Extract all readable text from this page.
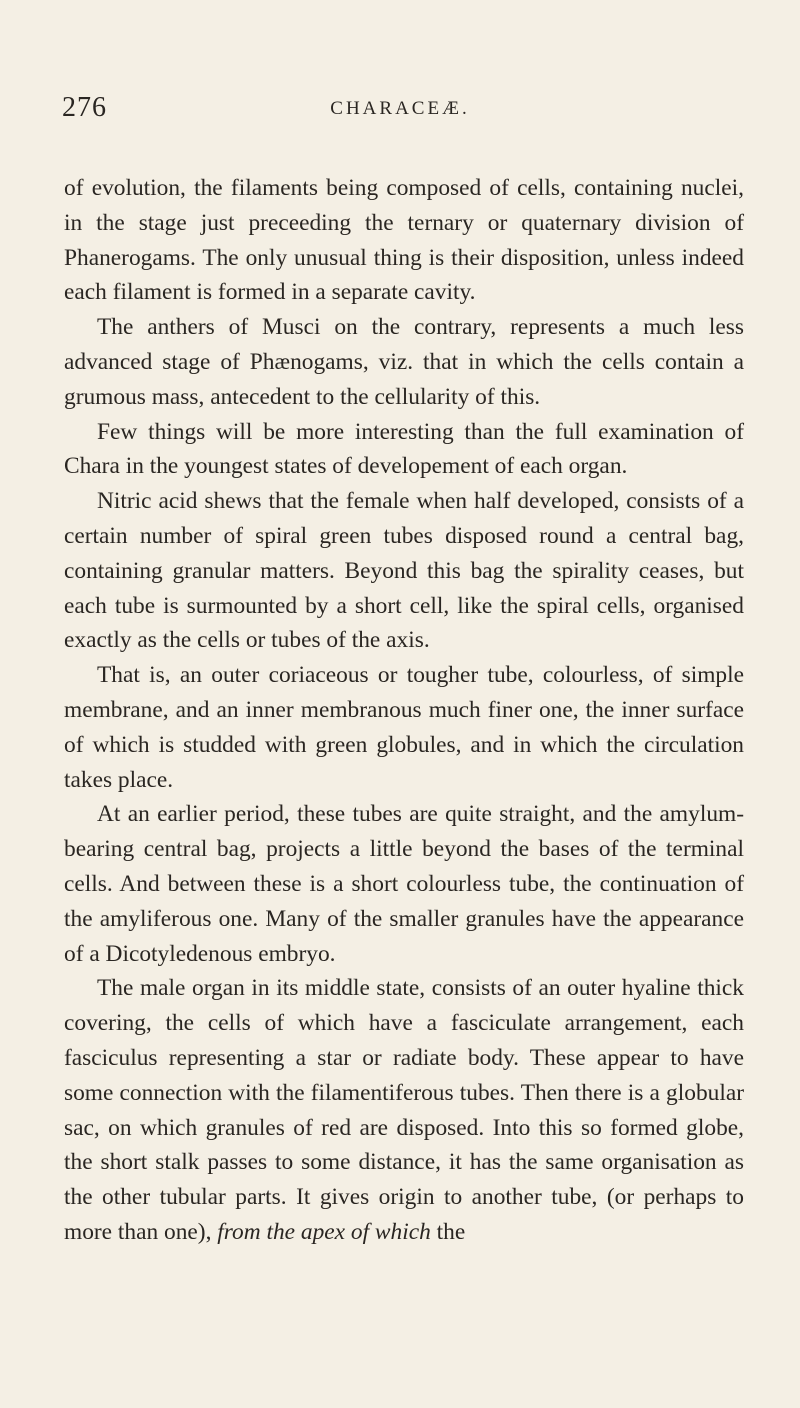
276	CHARACEÆ.

of evolution, the filaments being composed of cells, containing nuclei, in the stage just preceeding the ternary or quaternary division of Phanerogams. The only unusual thing is their disposition, unless indeed each filament is formed in a separate cavity.

The anthers of Musci on the contrary, represents a much less advanced stage of Phænogams, viz. that in which the cells contain a grumous mass, antecedent to the cellularity of this.

Few things will be more interesting than the full examination of Chara in the youngest states of developement of each organ.

Nitric acid shews that the female when half developed, consists of a certain number of spiral green tubes disposed round a central bag, containing granular matters. Beyond this bag the spirality ceases, but each tube is surmounted by a short cell, like the spiral cells, organised exactly as the cells or tubes of the axis.

That is, an outer coriaceous or tougher tube, colourless, of simple membrane, and an inner membranous much finer one, the inner surface of which is studded with green globules, and in which the circulation takes place.

At an earlier period, these tubes are quite straight, and the amylum-bearing central bag, projects a little beyond the bases of the terminal cells. And between these is a short colourless tube, the continuation of the amyliferous one. Many of the smaller granules have the appearance of a Dicotyledenous embryo.

The male organ in its middle state, consists of an outer hyaline thick covering, the cells of which have a fasciculate arrangement, each fasciculus representing a star or radiate body. These appear to have some connection with the filamentiferous tubes. Then there is a globular sac, on which granules of red are disposed. Into this so formed globe, the short stalk passes to some distance, it has the same organisation as the other tubular parts. It gives origin to another tube, (or perhaps to more than one), from the apex of which the
